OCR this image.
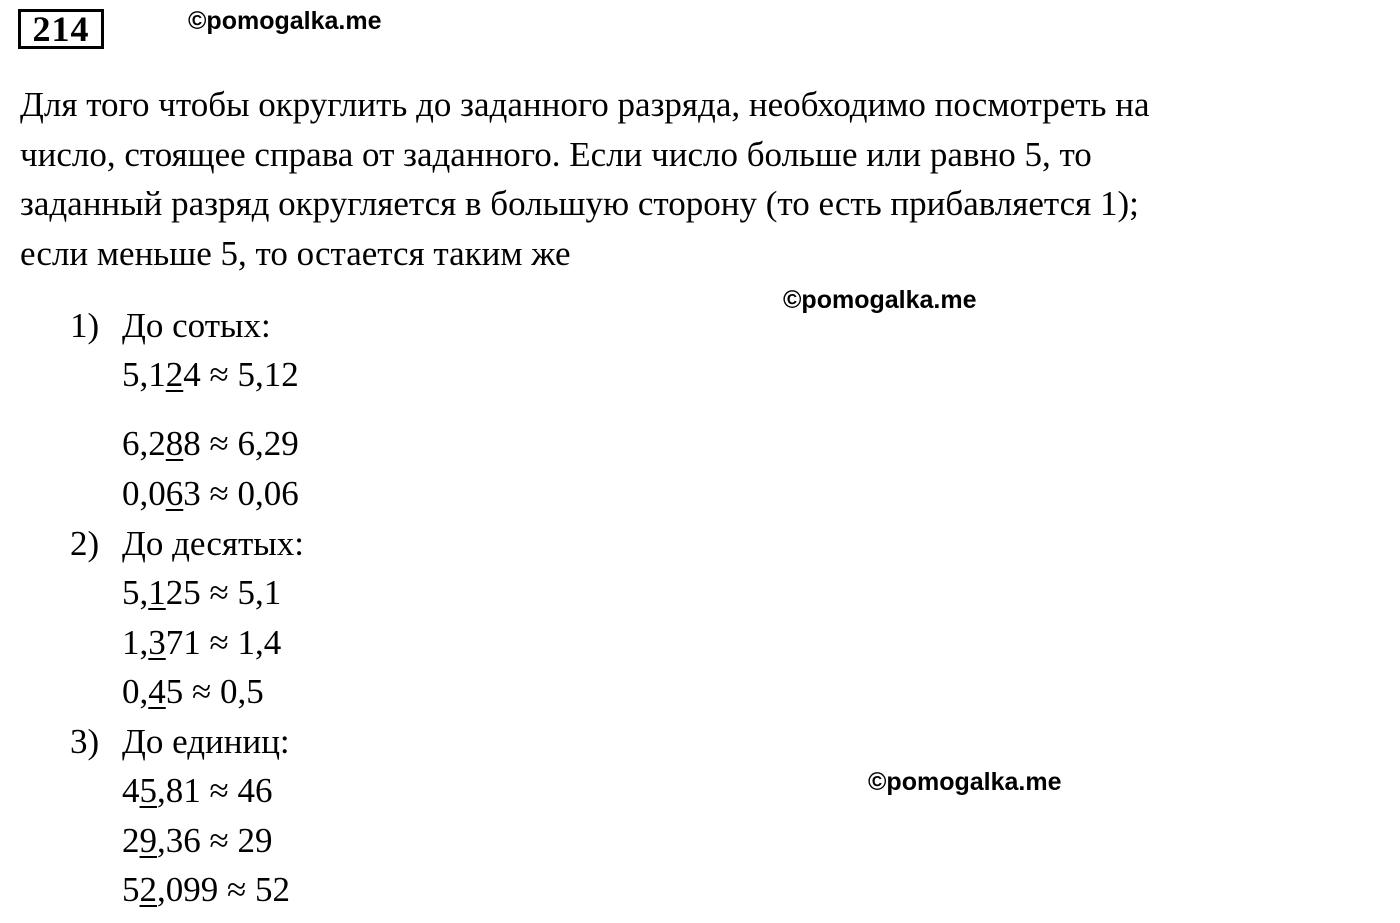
214	©pomogalka.me
©pomogalka.me
©pomogalka.me
Для того чтобы округлить до заданного разряда, необходимо посмотреть на
число, стоящее справа от заданного. Если число больше или равно 5, то
заданный разряд округляется в большую сторону (то есть прибавляется 1);
если меньше 5, то остается таким же
1) До сотых:
5,124 ≈ 5,12
6,288 ≈ 6,29
0,063 ≈ 0,06
2) До десятых:
5,125 ≈ 5,1
1,371 ≈ 1,4
0,45 ≈ 0,5
3) До единиц:
45,81 ≈ 46
29,36 ≈ 29
52,099 ≈ 52
